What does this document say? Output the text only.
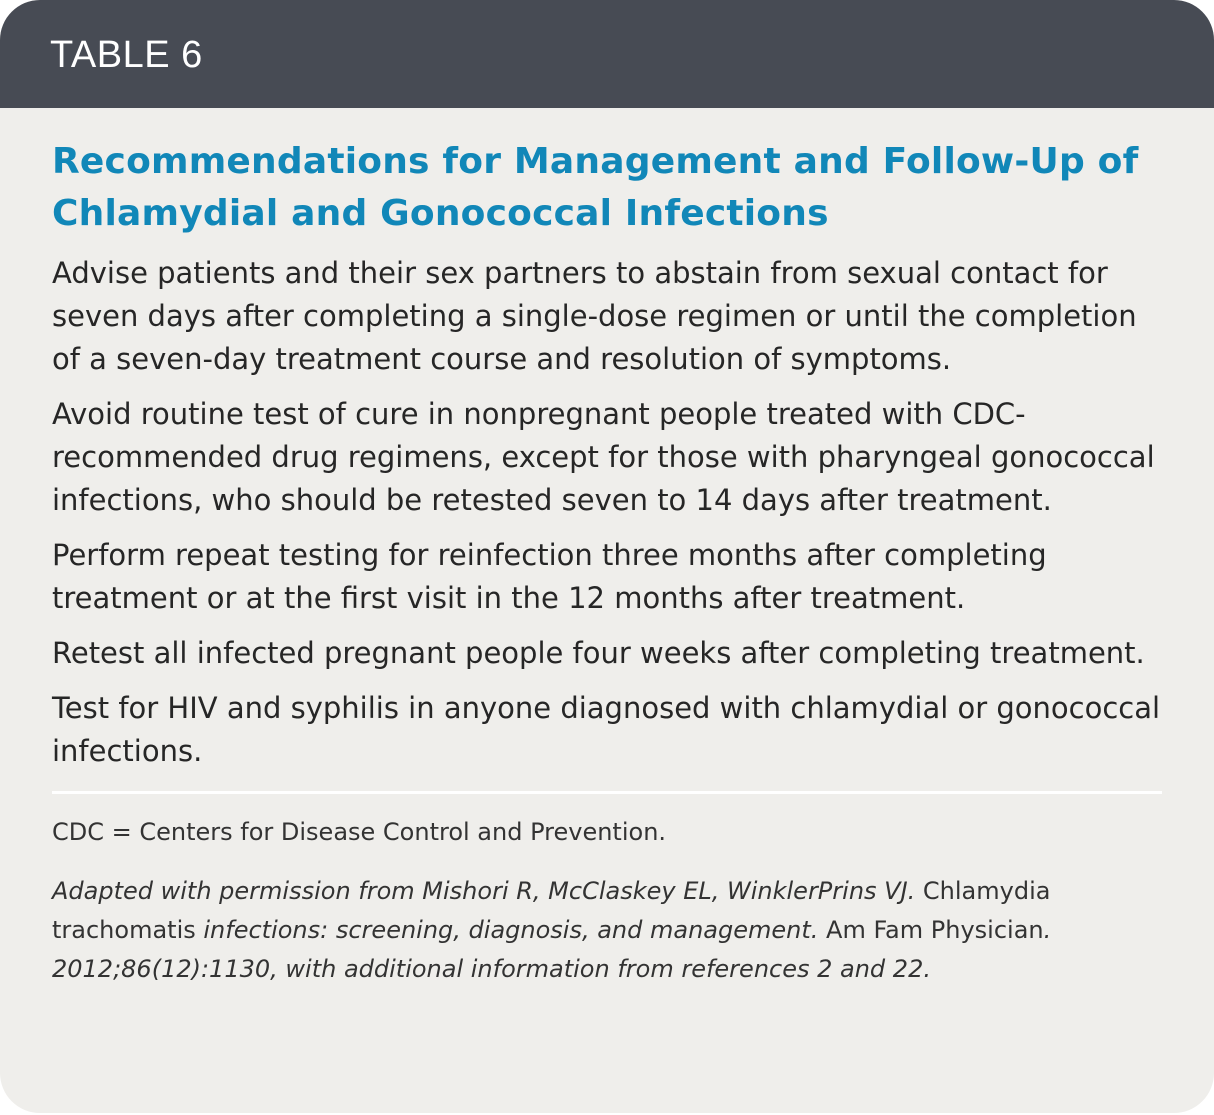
TABLE 6
Recommendations for Management and Follow-Up of Chlamydial and Gonococcal Infections
Advise patients and their sex partners to abstain from sexual contact for seven days after completing a single-dose regimen or until the completion of a seven-day treatment course and resolution of symptoms.
Avoid routine test of cure in nonpregnant people treated with CDC-recommended drug regimens, except for those with pharyngeal gonococcal infections, who should be retested seven to 14 days after treatment.
Perform repeat testing for reinfection three months after completing treatment or at the first visit in the 12 months after treatment.
Retest all infected pregnant people four weeks after completing treatment.
Test for HIV and syphilis in anyone diagnosed with chlamydial or gonococcal infections.

CDC = Centers for Disease Control and Prevention.

Adapted with permission from Mishori R, McClaskey EL, WinklerPrins VJ. Chlamydia trachomatis infections: screening, diagnosis, and management. Am Fam Physician. 2012;86(12):1130, with additional information from references 2 and 22.
